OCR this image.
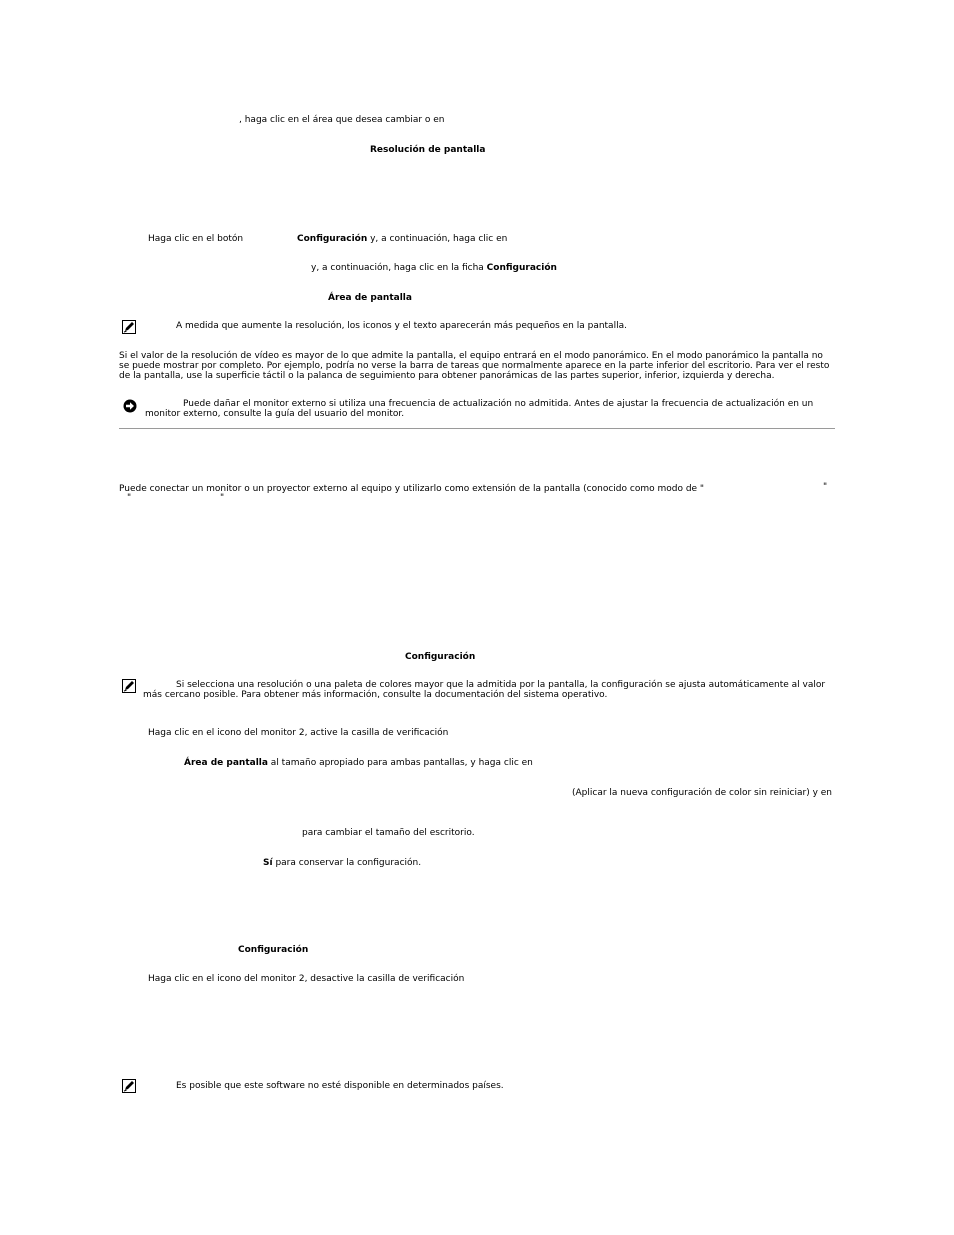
, haga clic en el área que desea cambiar o en
Resolución de pantalla
Haga clic en el botón	Configuración y, a continuación, haga clic en
y, a continuación, haga clic en la ficha Configuración
Área de pantalla
A medida que aumente la resolución, los iconos y el texto aparecerán más pequeños en la pantalla.
Si el valor de la resolución de vídeo es mayor de lo que admite la pantalla, el equipo entrará en el modo panorámico. En el modo panorámico la pantalla no se puede mostrar por completo. Por ejemplo, podría no verse la barra de tareas que normalmente aparece en la parte inferior del escritorio. Para ver el resto de la pantalla, use la superficie táctil o la palanca de seguimiento para obtener panorámicas de las partes superior, inferior, izquierda y derecha.
Puede dañar el monitor externo si utiliza una frecuencia de actualización no admitida. Antes de ajustar la frecuencia de actualización en un
monitor externo, consulte la guía del usuario del monitor.
Puede conectar un monitor o un proyector externo al equipo y utilizarlo como extensión de la pantalla (conocido como modo de "	"
"	"
Configuración
Si selecciona una resolución o una paleta de colores mayor que la admitida por la pantalla, la configuración se ajusta automáticamente al valor
más cercano posible. Para obtener más información, consulte la documentación del sistema operativo.
Haga clic en el icono del monitor 2, active la casilla de verificación
Área de pantalla al tamaño apropiado para ambas pantallas, y haga clic en
(Aplicar la nueva configuración de color sin reiniciar) y en
para cambiar el tamaño del escritorio.
Sí para conservar la configuración.
Configuración
Haga clic en el icono del monitor 2, desactive la casilla de verificación
Es posible que este software no esté disponible en determinados países.
